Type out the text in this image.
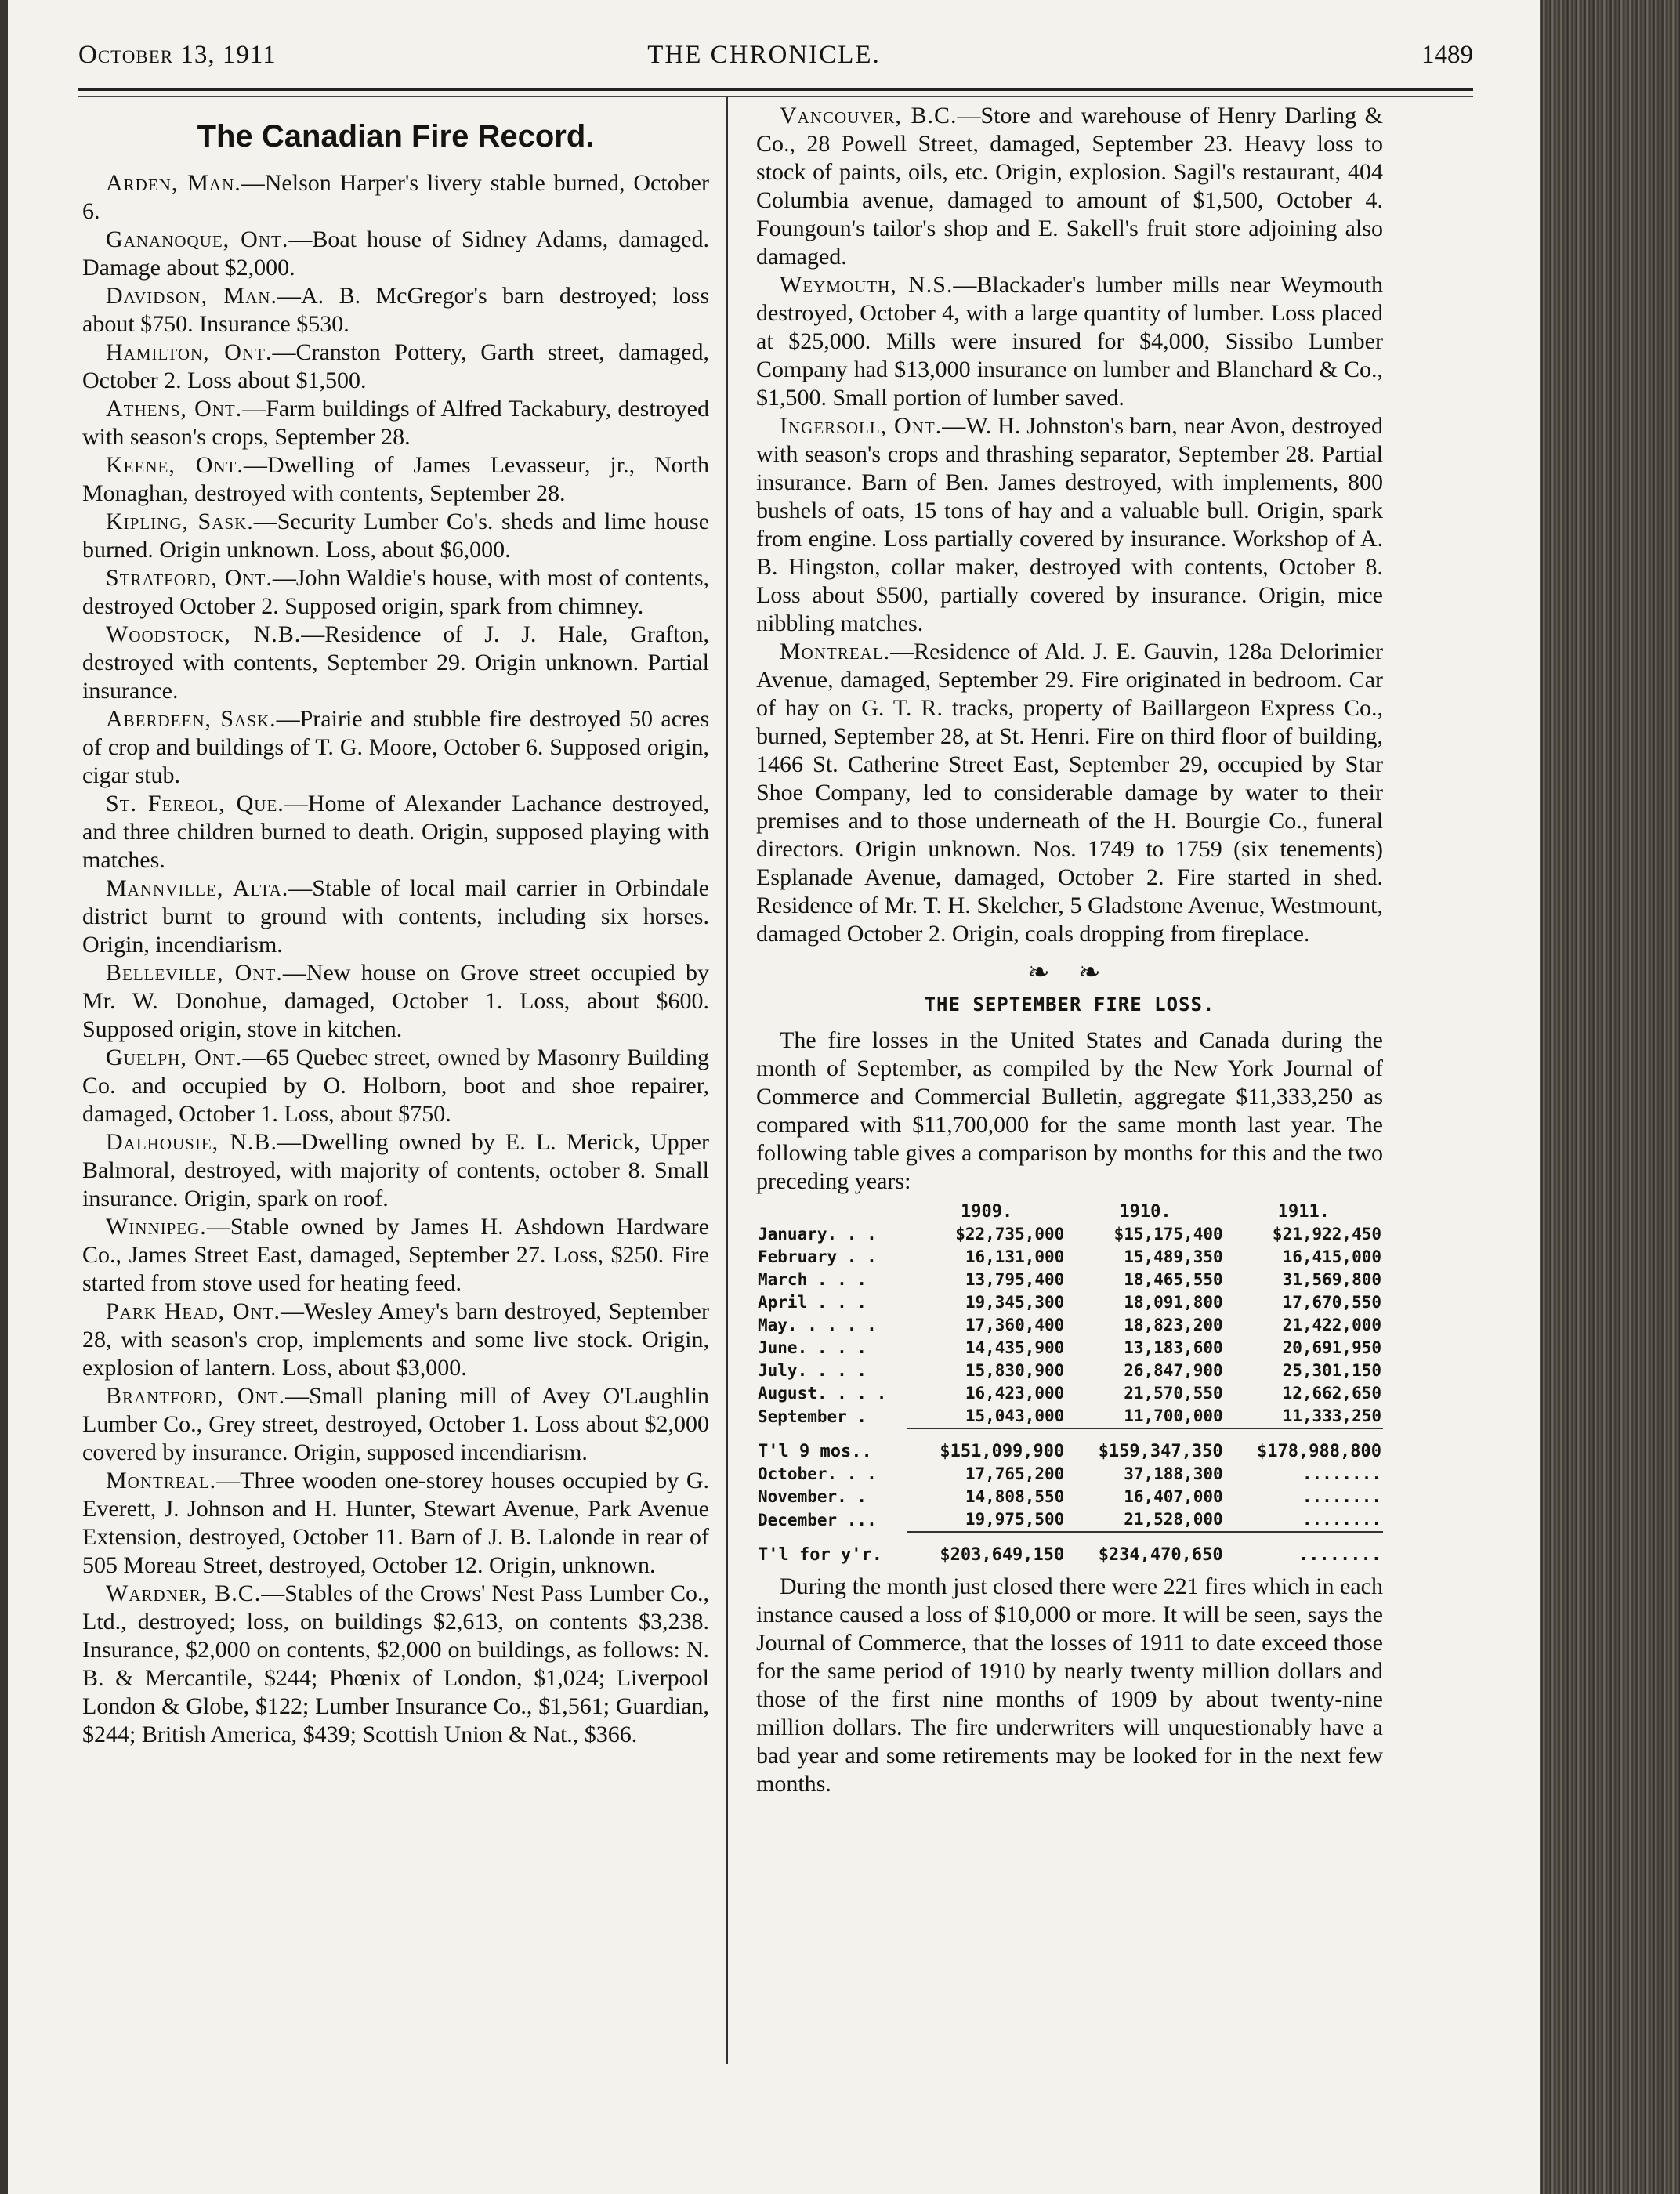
October 13, 1911	THE CHRONICLE.	1489
The Canadian Fire Record.

Arden, Man.—Nelson Harper's livery stable burned, October 6.

Gananoque, Ont.—Boat house of Sidney Adams, damaged. Damage about $2,000.

Davidson, Man.—A. B. McGregor's barn destroyed; loss about $750. Insurance $530.

Hamilton, Ont.—Cranston Pottery, Garth street, damaged, October 2. Loss about $1,500.

Athens, Ont.—Farm buildings of Alfred Tackabury, destroyed with season's crops, September 28.

Keene, Ont.—Dwelling of James Levasseur, jr., North Monaghan, destroyed with contents, September 28.

Kipling, Sask.—Security Lumber Co's. sheds and lime house burned. Origin unknown. Loss, about $6,000.

Stratford, Ont.—John Waldie's house, with most of contents, destroyed October 2. Supposed origin, spark from chimney.

Woodstock, N.B.—Residence of J. J. Hale, Grafton, destroyed with contents, September 29. Origin unknown. Partial insurance.

Aberdeen, Sask.—Prairie and stubble fire destroyed 50 acres of crop and buildings of T. G. Moore, October 6. Supposed origin, cigar stub.

St. Fereol, Que.—Home of Alexander Lachance destroyed, and three children burned to death. Origin, supposed playing with matches.

Mannville, Alta.—Stable of local mail carrier in Orbindale district burnt to ground with contents, including six horses. Origin, incendiarism.

Belleville, Ont.—New house on Grove street occupied by Mr. W. Donohue, damaged, October 1. Loss, about $600. Supposed origin, stove in kitchen.

Guelph, Ont.—65 Quebec street, owned by Masonry Building Co. and occupied by O. Holborn, boot and shoe repairer, damaged, October 1. Loss, about $750.

Dalhousie, N.B.—Dwelling owned by E. L. Merick, Upper Balmoral, destroyed, with majority of contents, october 8. Small insurance. Origin, spark on roof.

Winnipeg.—Stable owned by James H. Ashdown Hardware Co., James Street East, damaged, September 27. Loss, $250. Fire started from stove used for heating feed.

Park Head, Ont.—Wesley Amey's barn destroyed, September 28, with season's crop, implements and some live stock. Origin, explosion of lantern. Loss, about $3,000.

Brantford, Ont.—Small planing mill of Avey O'Laughlin Lumber Co., Grey street, destroyed, October 1. Loss about $2,000 covered by insurance. Origin, supposed incendiarism.

Montreal.—Three wooden one-storey houses occupied by G. Everett, J. Johnson and H. Hunter, Stewart Avenue, Park Avenue Extension, destroyed, October 11. Barn of J. B. Lalonde in rear of 505 Moreau Street, destroyed, October 12. Origin, unknown.

Wardner, B.C.—Stables of the Crows' Nest Pass Lumber Co., Ltd., destroyed; loss, on buildings $2,613, on contents $3,238. Insurance, $2,000 on contents, $2,000 on buildings, as follows: N. B. & Mercantile, $244; Phœnix of London, $1,024; Liverpool London & Globe, $122; Lumber Insurance Co., $1,561; Guardian, $244; British America, $439; Scottish Union & Nat., $366.

Vancouver, B.C.—Store and warehouse of Henry Darling & Co., 28 Powell Street, damaged, September 23. Heavy loss to stock of paints, oils, etc. Origin, explosion. Sagil's restaurant, 404 Columbia avenue, damaged to amount of $1,500, October 4. Foungoun's tailor's shop and E. Sakell's fruit store adjoining also damaged.

Weymouth, N.S.—Blackader's lumber mills near Weymouth destroyed, October 4, with a large quantity of lumber. Loss placed at $25,000. Mills were insured for $4,000, Sissibo Lumber Company had $13,000 insurance on lumber and Blanchard & Co., $1,500. Small portion of lumber saved.

Ingersoll, Ont.—W. H. Johnston's barn, near Avon, destroyed with season's crops and thrashing separator, September 28. Partial insurance. Barn of Ben. James destroyed, with implements, 800 bushels of oats, 15 tons of hay and a valuable bull. Origin, spark from engine. Loss partially covered by insurance. Workshop of A. B. Hingston, collar maker, destroyed with contents, October 8. Loss about $500, partially covered by insurance. Origin, mice nibbling matches.

Montreal.—Residence of Ald. J. E. Gauvin, 128a Delorimier Avenue, damaged, September 29. Fire originated in bedroom. Car of hay on G. T. R. tracks, property of Baillargeon Express Co., burned, September 28, at St. Henri. Fire on third floor of building, 1466 St. Catherine Street East, September 29, occupied by Star Shoe Company, led to considerable damage by water to their premises and to those underneath of the H. Bourgie Co., funeral directors. Origin unknown. Nos. 1749 to 1759 (six tenements) Esplanade Avenue, damaged, October 2. Fire started in shed. Residence of Mr. T. H. Skelcher, 5 Gladstone Avenue, Westmount, damaged October 2. Origin, coals dropping from fireplace.

❧ ❧
THE SEPTEMBER FIRE LOSS.

The fire losses in the United States and Canada during the month of September, as compiled by the New York Journal of Commerce and Commercial Bulletin, aggregate $11,333,250 as compared with $11,700,000 for the same month last year. The following table gives a comparison by months for this and the two preceding years:

	1909.	1910.	1911.
January. . .	$22,735,000	$15,175,400	$21,922,450
February . .	16,131,000	15,489,350	16,415,000
March . . .	13,795,400	18,465,550	31,569,800
April . . .	19,345,300	18,091,800	17,670,550
May. . . . .	17,360,400	18,823,200	21,422,000
June. . . .	14,435,900	13,183,600	20,691,950
July. . . .	15,830,900	26,847,900	25,301,150
August. . . .	16,423,000	21,570,550	12,662,650
September .	15,043,000	11,700,000	11,333,250

T'l 9 mos..	$151,099,900	$159,347,350	$178,988,800
October. . .	17,765,200	37,188,300	........
November. .	14,808,550	16,407,000	........
December ...	19,975,500	21,528,000	........

T'l for y'r.	$203,649,150	$234,470,650	........

During the month just closed there were 221 fires which in each instance caused a loss of $10,000 or more. It will be seen, says the Journal of Commerce, that the losses of 1911 to date exceed those for the same period of 1910 by nearly twenty million dollars and those of the first nine months of 1909 by about twenty-nine million dollars. The fire underwriters will unquestionably have a bad year and some retirements may be looked for in the next few months.
